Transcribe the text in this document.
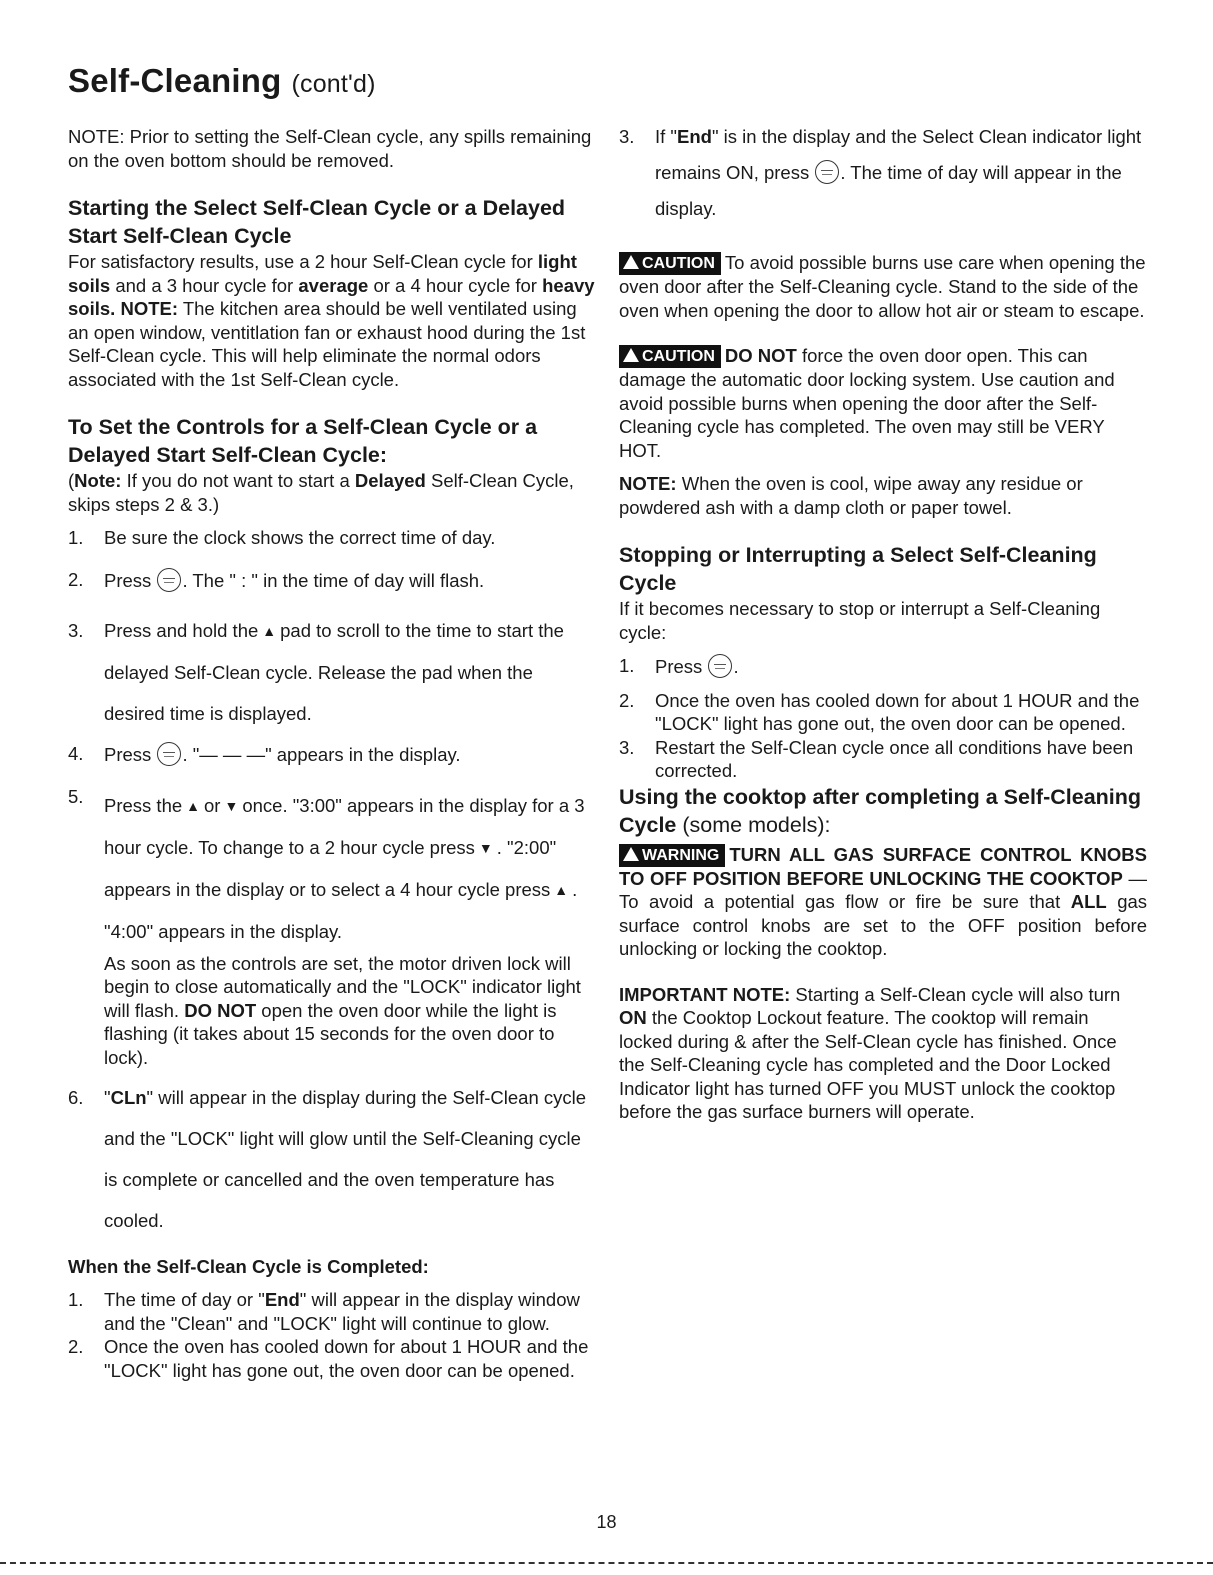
Self-Cleaning (cont'd)

NOTE: Prior to setting the Self-Clean cycle, any spills remaining on the oven bottom should be removed.

Starting the Select Self-Clean Cycle or a Delayed Start Self-Clean Cycle

For satisfactory results, use a 2 hour Self-Clean cycle for light soils and a 3 hour cycle for average or a 4 hour cycle for heavy soils. NOTE: The kitchen area should be well ventilated using an open window, ventitlation fan or exhaust hood during the 1st Self-Clean cycle. This will help eliminate the normal odors associated with the 1st Self-Clean cycle.

To Set the Controls for a Self-Clean Cycle or a Delayed Start Self-Clean Cycle:

(Note: If you do not want to start a Delayed Self-Clean Cycle, skips steps 2 & 3.)

1. Be sure the clock shows the correct time of day.
2. Press . The " : " in the time of day will flash.
3. Press and hold the ▲ pad to scroll to the time to start the delayed Self-Clean cycle. Release the pad when the desired time is displayed.
4. Press . "— — —" appears in the display.
5. Press the ▲ or ▼ once. "3:00" appears in the display for a 3 hour cycle. To change to a 2 hour cycle press ▼ . "2:00" appears in the display or to select a 4 hour cycle press ▲ . "4:00" appears in the display.
As soon as the controls are set, the motor driven lock will begin to close automatically and the "LOCK" indicator light will flash. DO NOT open the oven door while the light is flashing (it takes about 15 seconds for the oven door to lock).
6. "CLn" will appear in the display during the Self-Clean cycle and the "LOCK" light will glow until the Self-Cleaning cycle is complete or cancelled and the oven temperature has cooled.
When the Self-Clean Cycle is Completed:
1. The time of day or "End" will appear in the display window and the "Clean" and "LOCK" light will continue to glow.
2. Once the oven has cooled down for about 1 HOUR and the "LOCK" light has gone out, the oven door can be opened.
3. If "End" is in the display and the Select Clean indicator light remains ON, press . The time of day will appear in the display.

CAUTION To avoid possible burns use care when opening the oven door after the Self-Cleaning cycle. Stand to the side of the oven when opening the door to allow hot air or steam to escape.

CAUTION DO NOT force the oven door open. This can damage the automatic door locking system. Use caution and avoid possible burns when opening the door after the Self-Cleaning cycle has completed. The oven may still be VERY HOT.

NOTE: When the oven is cool, wipe away any residue or powdered ash with a damp cloth or paper towel.

Stopping or Interrupting a Select Self-Cleaning Cycle

If it becomes necessary to stop or interrupt a Self-Cleaning cycle:

1. Press .
2. Once the oven has cooled down for about 1 HOUR and the "LOCK" light has gone out, the oven door can be opened.
3. Restart the Self-Clean cycle once all conditions have been corrected.
Using the cooktop after completing a Self-Cleaning Cycle (some models):

WARNING TURN ALL GAS SURFACE CONTROL KNOBS TO OFF POSITION BEFORE UNLOCKING THE COOKTOP — To avoid a potential gas flow or fire be sure that ALL gas surface control knobs are set to the OFF position before unlocking or locking the cooktop.

IMPORTANT NOTE: Starting a Self-Clean cycle will also turn ON the Cooktop Lockout feature. The cooktop will remain locked during & after the Self-Clean cycle has finished. Once the Self-Cleaning cycle has completed and the Door Locked Indicator light has turned OFF you MUST unlock the cooktop before the gas surface burners will operate.

18
